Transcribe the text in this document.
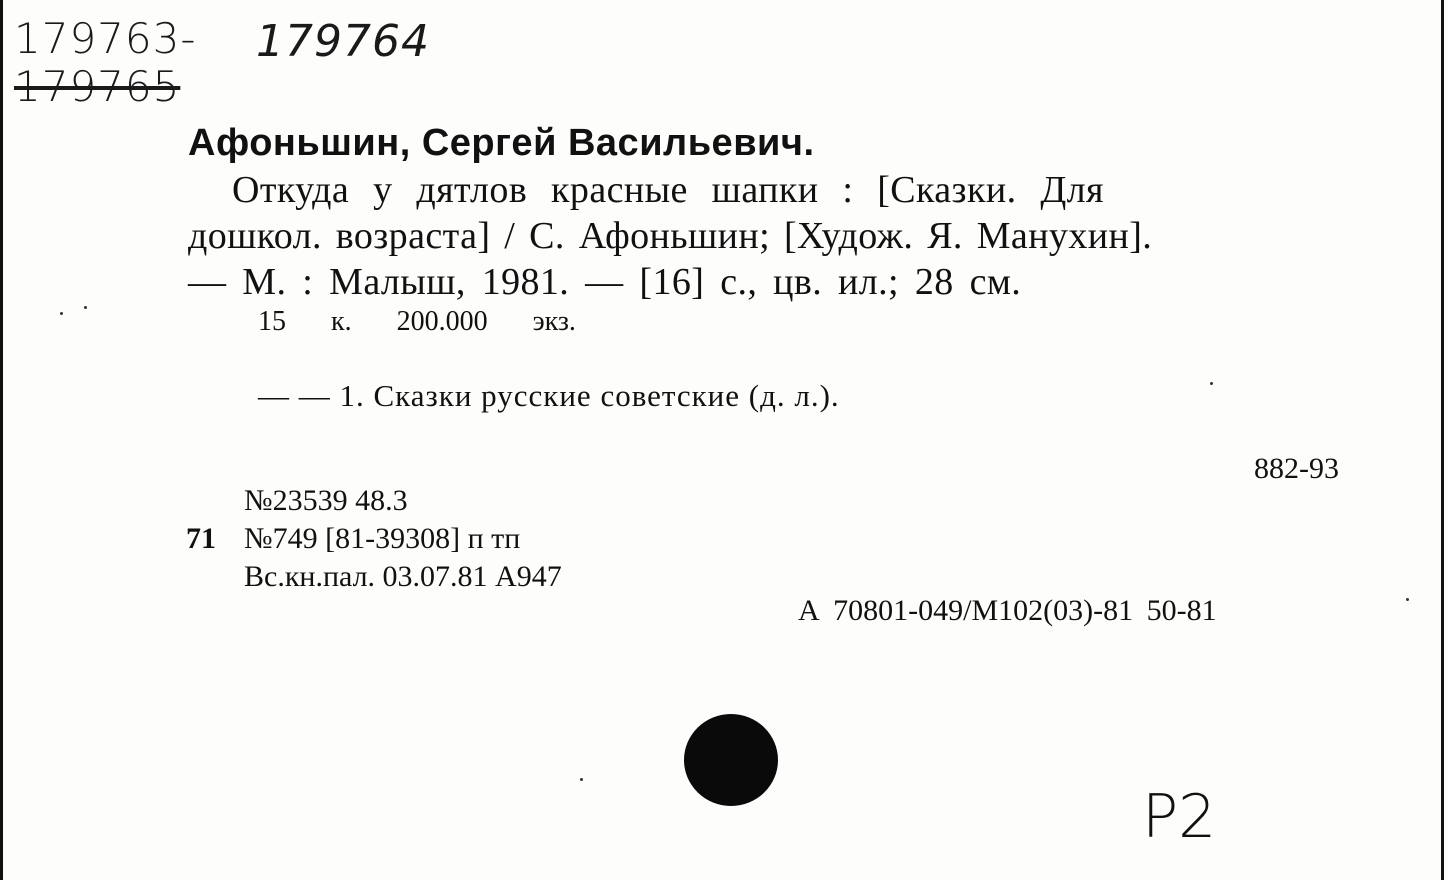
179763- 179764
179765
Афоньшин, Сергей Васильевич.
Откуда у дятлов красные шапки : [Сказки. Для
дошкол. возраста] / С. Афоньшин; [Худож. Я. Манухин].
— М. : Малыш, 1981. — [16] с., цв. ил.; 28 см.
15 к. 200.000 экз.
— — 1. Сказки русские советские (д. л.).
882-93
№23539 48.3
71 №749 [81-39308] п тп
Вс.кн.пал. 03.07.81 А947
А 70801-049/М102(03)-81 50-81
P2
